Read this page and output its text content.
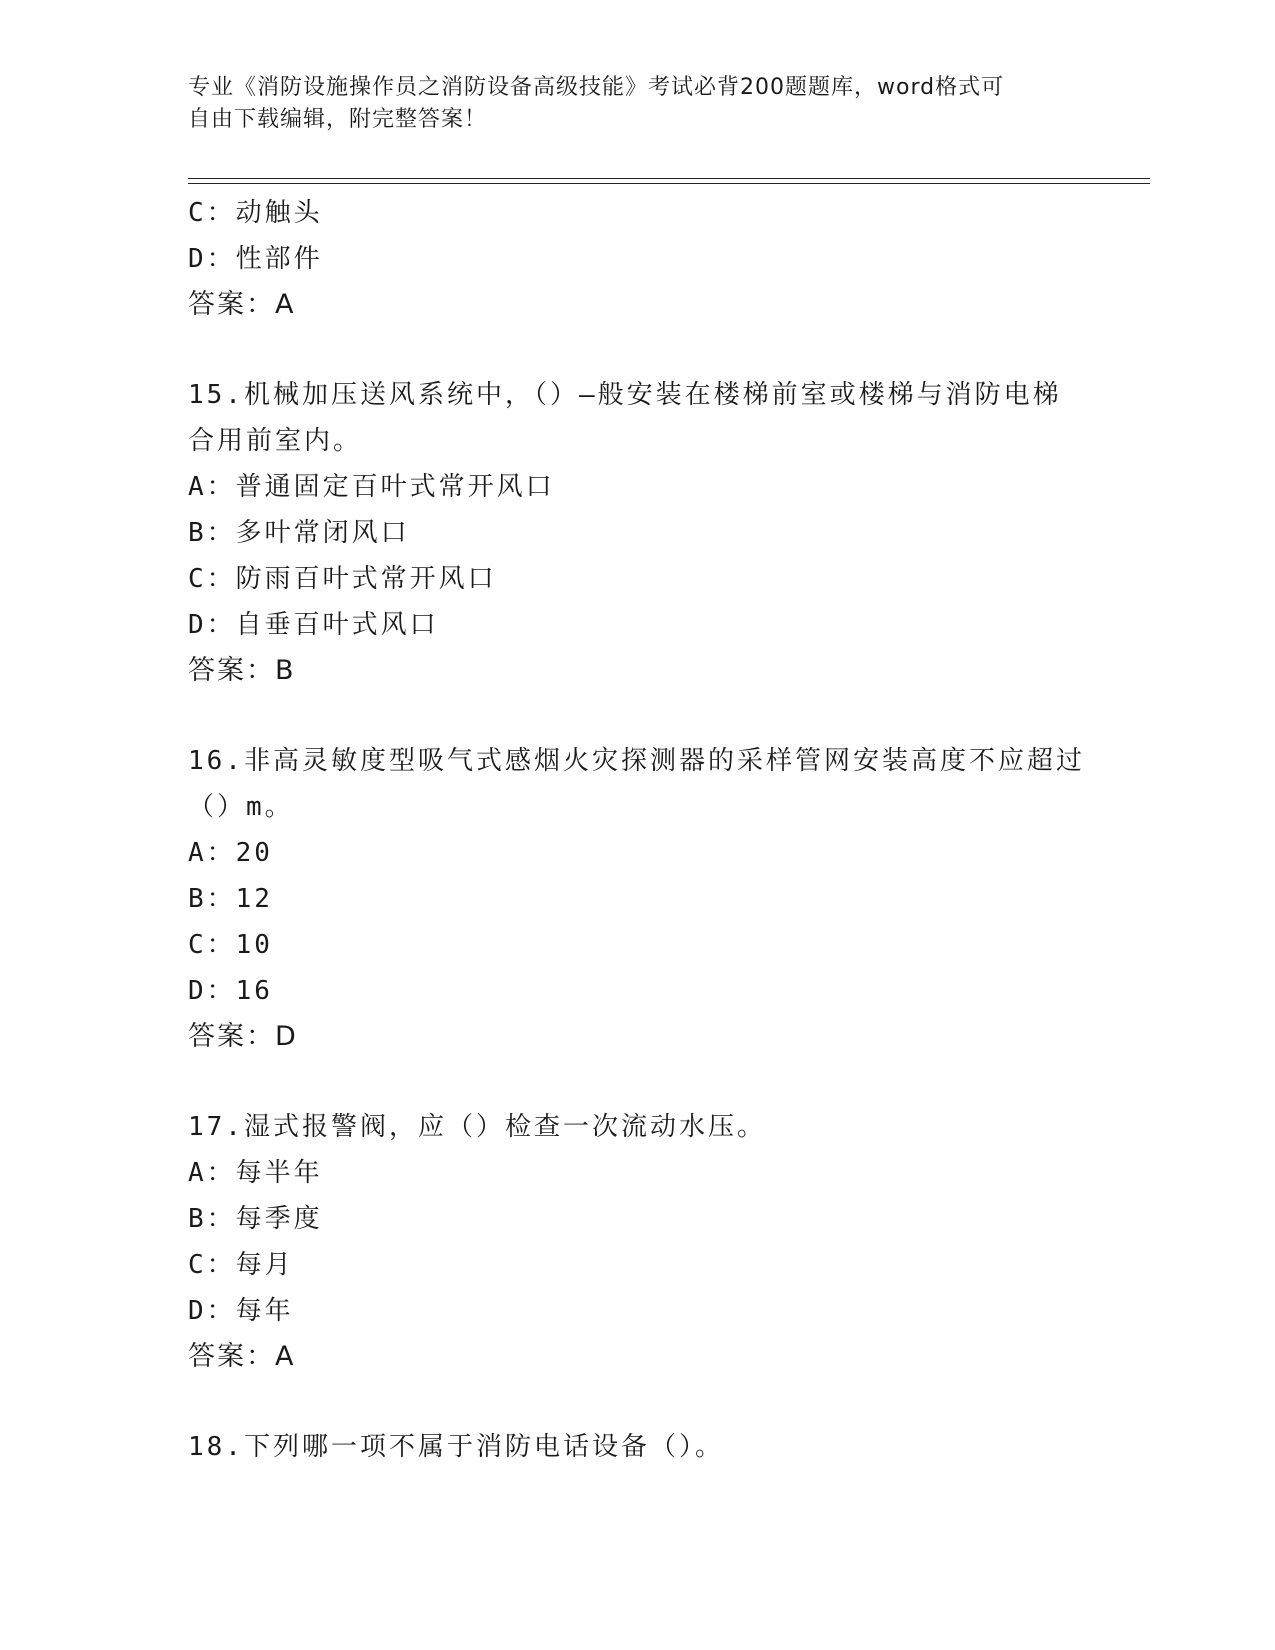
专业《消防设施操作员之消防设备高级技能》考试必背200题题库，word格式可
自由下载编辑，附完整答案！
C：动触头
D：性部件
答案：A
15.机械加压送风系统中，（）—般安装在楼梯前室或楼梯与消防电梯
合用前室内。
A：普通固定百叶式常开风口
B：多叶常闭风口
C：防雨百叶式常开风口
D：自垂百叶式风口
答案：B
16.非高灵敏度型吸气式感烟火灾探测器的采样管网安装高度不应超过
（）m。
A：20
B：12
C：10
D：16
答案：D
17.湿式报警阀，应（）检查一次流动水压。
A：每半年
B：每季度
C：每月
D：每年
答案：A
18.下列哪一项不属于消防电话设备（）。
